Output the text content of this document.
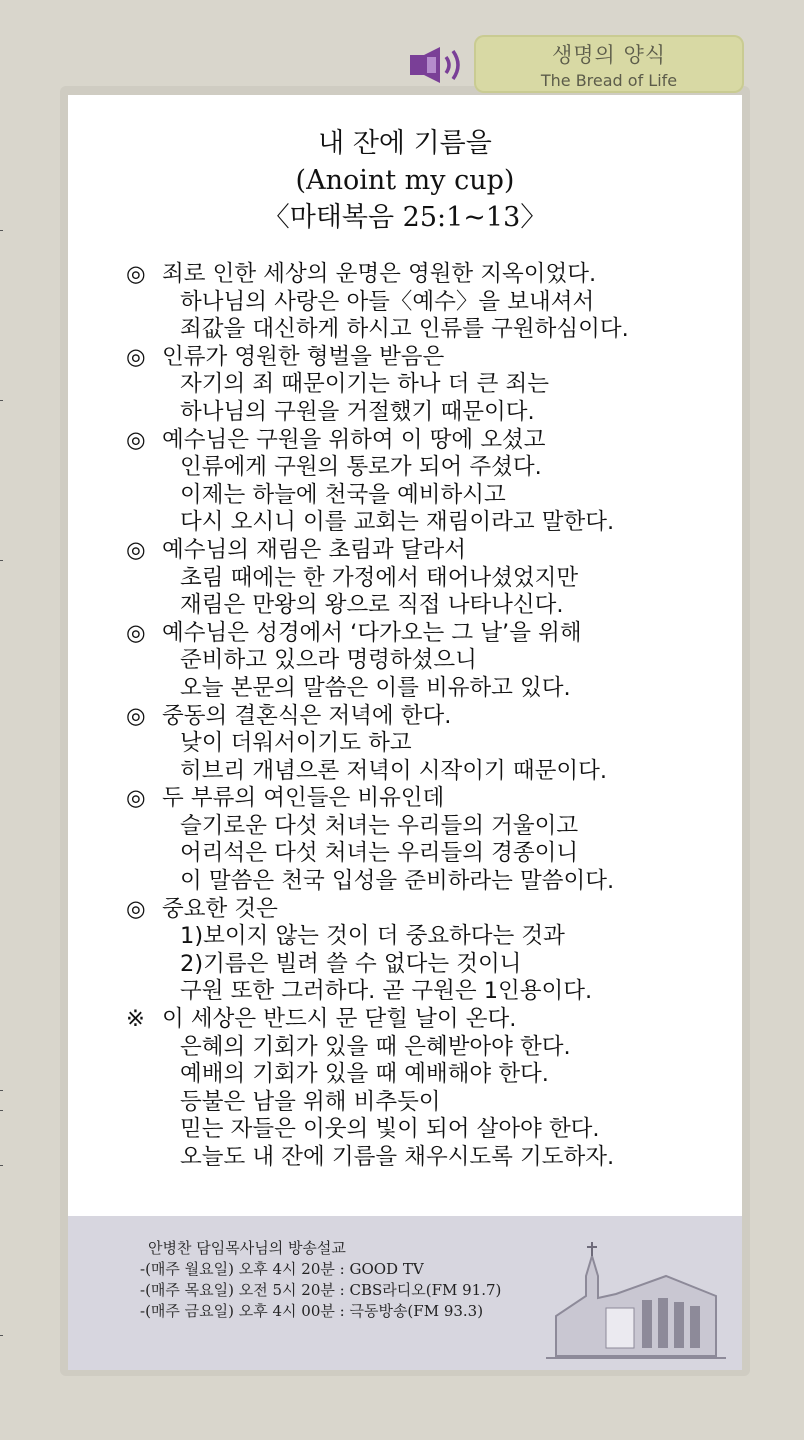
생명의 양식
The Bread of Life
내 잔에 기름을
(Anoint my cup)
〈마태복음 25:1~13〉
◎ 죄로 인한 세상의 운명은 영원한 지옥이었다.
하나님의 사랑은 아들〈예수〉을 보내셔서
죄값을 대신하게 하시고 인류를 구원하심이다.
◎ 인류가 영원한 형벌을 받음은
자기의 죄 때문이기는 하나 더 큰 죄는
하나님의 구원을 거절했기 때문이다.
◎ 예수님은 구원을 위하여 이 땅에 오셨고
인류에게 구원의 통로가 되어 주셨다.
이제는 하늘에 천국을 예비하시고
다시 오시니 이를 교회는 재림이라고 말한다.
◎ 예수님의 재림은 초림과 달라서
초림 때에는 한 가정에서 태어나셨었지만
재림은 만왕의 왕으로 직접 나타나신다.
◎ 예수님은 성경에서 ‘다가오는 그 날’을 위해
준비하고 있으라 명령하셨으니
오늘 본문의 말씀은 이를 비유하고 있다.
◎ 중동의 결혼식은 저녁에 한다.
낮이 더워서이기도 하고
히브리 개념으론 저녁이 시작이기 때문이다.
◎ 두 부류의 여인들은 비유인데
슬기로운 다섯 처녀는 우리들의 거울이고
어리석은 다섯 처녀는 우리들의 경종이니
이 말씀은 천국 입성을 준비하라는 말씀이다.
◎ 중요한 것은
1)보이지 않는 것이 더 중요하다는 것과
2)기름은 빌려 쓸 수 없다는 것이니
구원 또한 그러하다. 곧 구원은 1인용이다.
※ 이 세상은 반드시 문 닫힐 날이 온다.
은혜의 기회가 있을 때 은혜받아야 한다.
예배의 기회가 있을 때 예배해야 한다.
등불은 남을 위해 비추듯이
믿는 자들은 이웃의 빛이 되어 살아야 한다.
오늘도 내 잔에 기름을 채우시도록 기도하자.
안병찬 담임목사님의 방송설교
-(매주 월요일) 오후 4시 20분 : GOOD TV
-(매주 목요일) 오전 5시 20분 : CBS라디오(FM 91.7)
-(매주 금요일) 오후 4시 00분 : 극동방송(FM 93.3)
